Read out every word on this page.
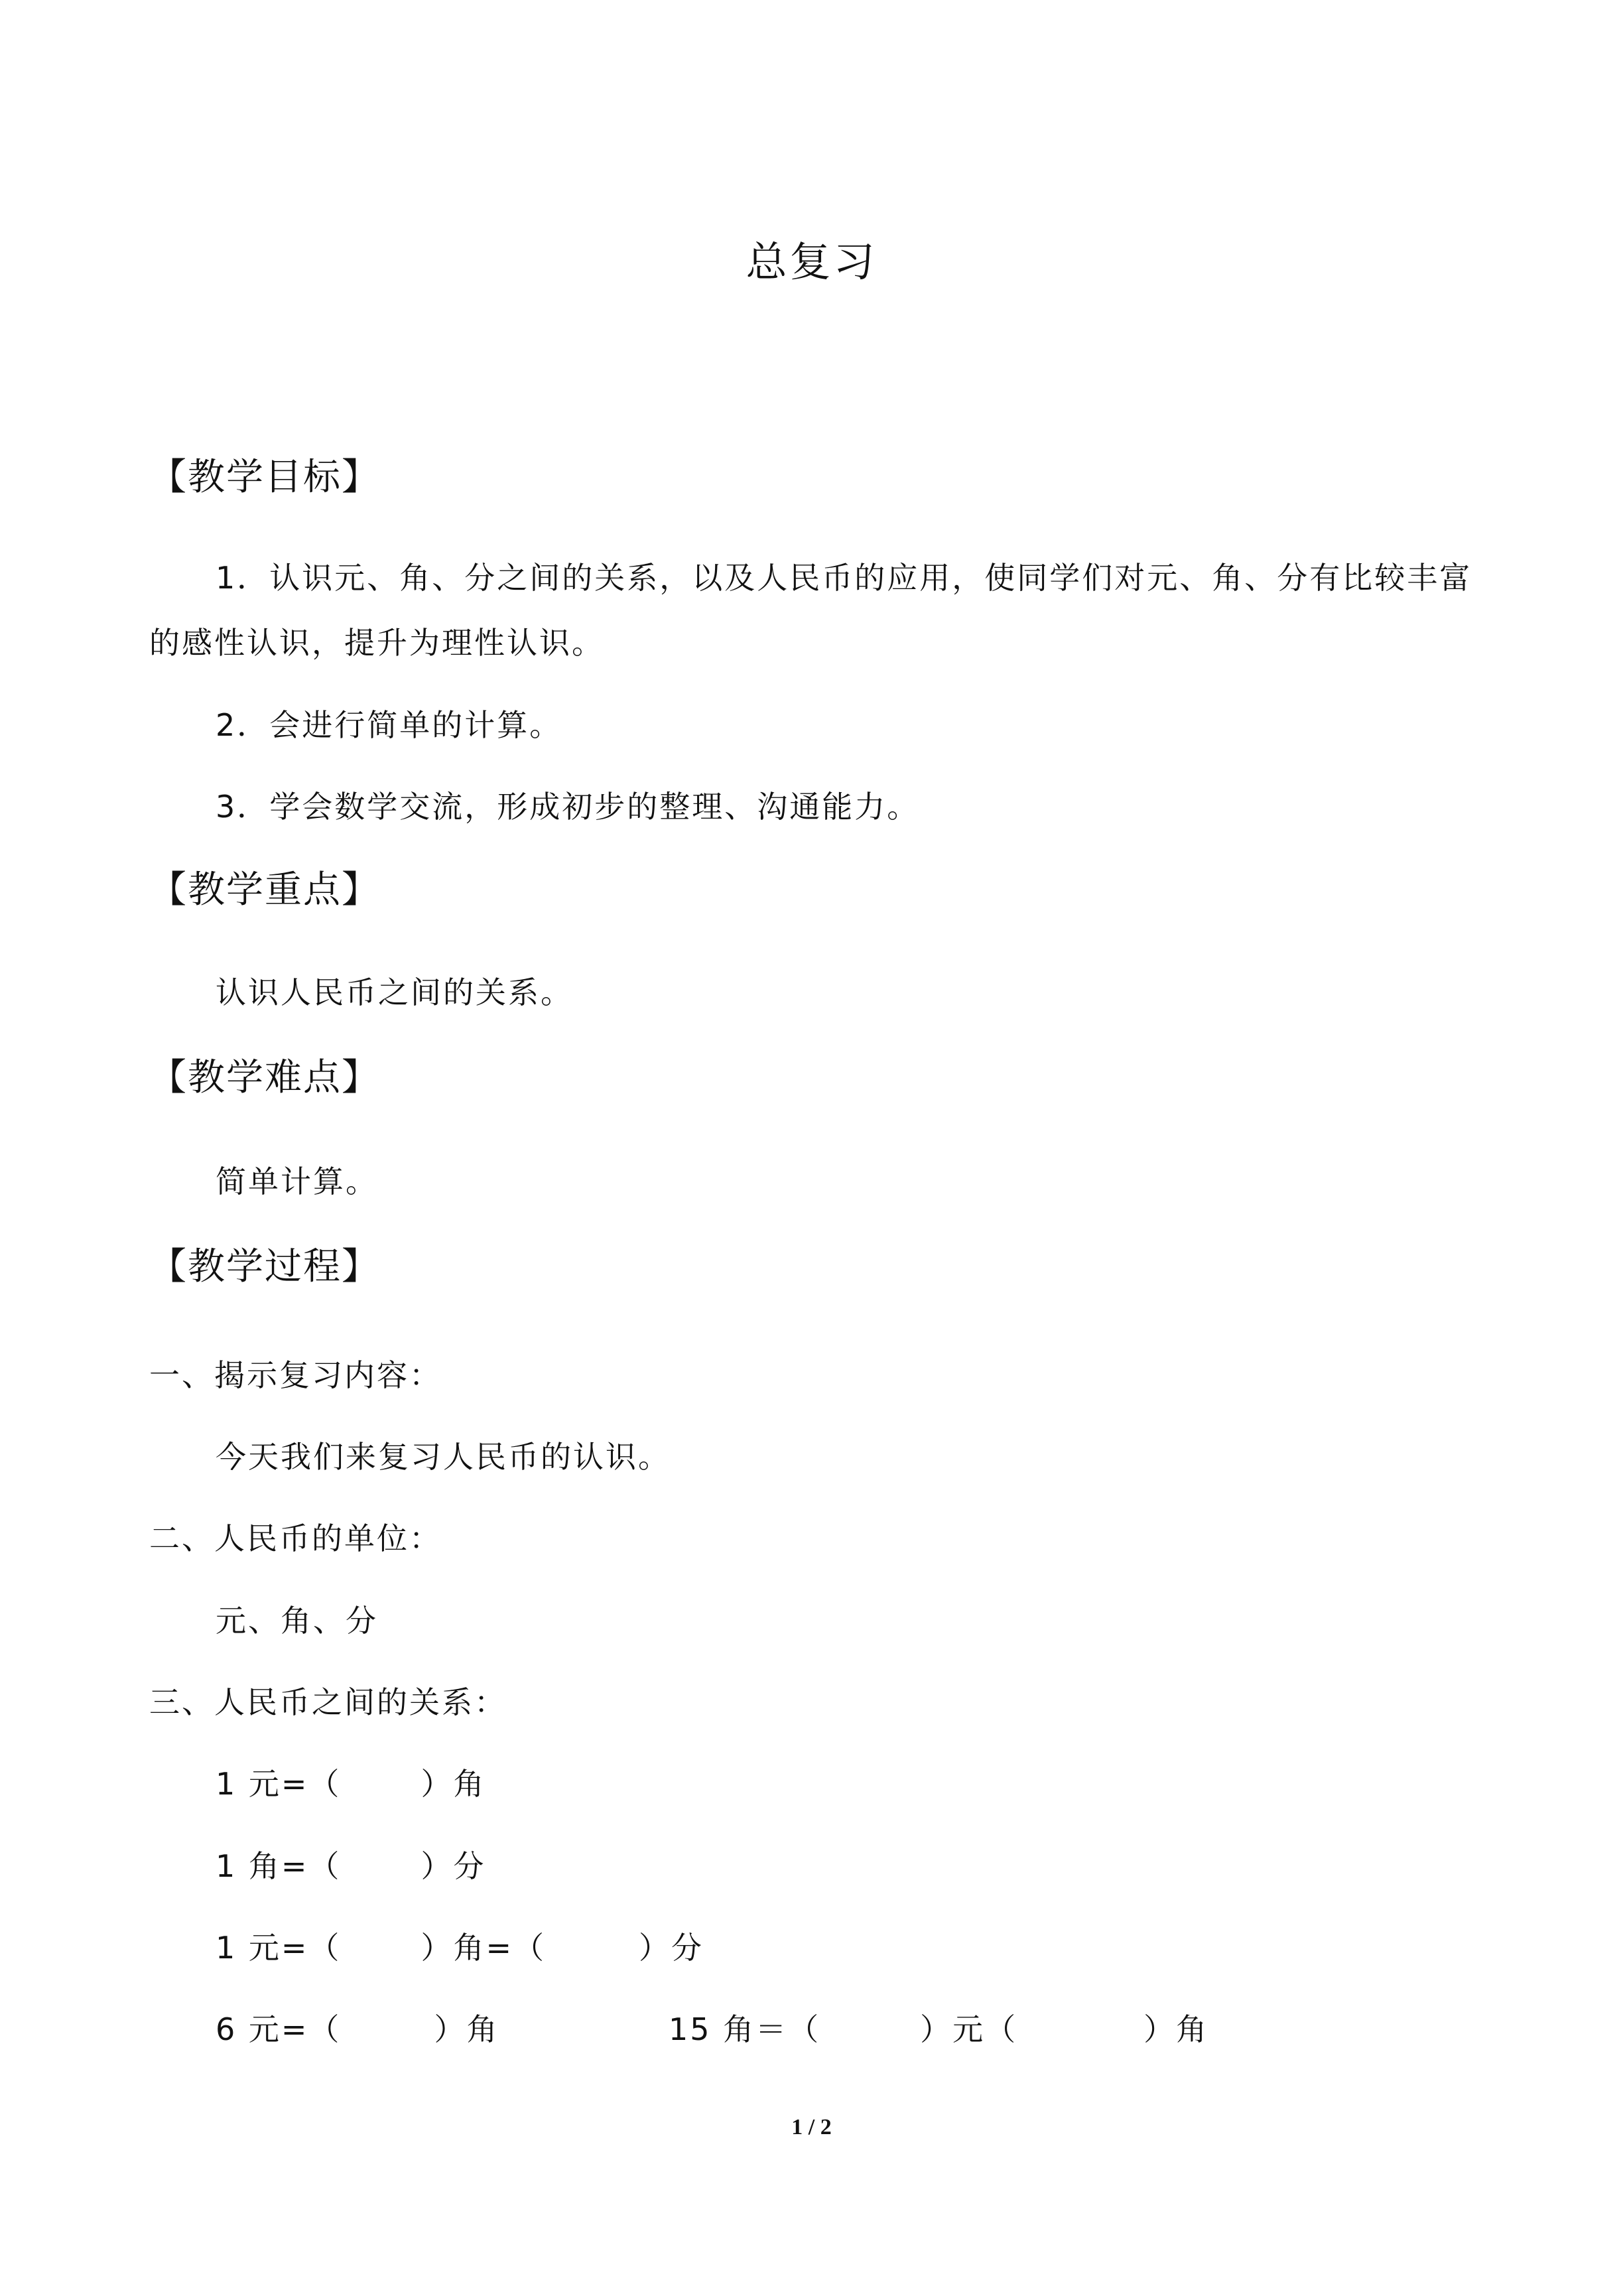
总复习
【教学目标】
1．认识元、角、分之间的关系，以及人民币的应用，使同学们对元、角、分有比较丰富
的感性认识，提升为理性认识。
2．会进行简单的计算。
3．学会数学交流，形成初步的整理、沟通能力。
【教学重点】
认识人民币之间的关系。
【教学难点】
简单计算。
【教学过程】
一、揭示复习内容：
今天我们来复习人民币的认识。
二、人民币的单位：
元、角、分
三、人民币之间的关系：
1 元=（	）角
1 角=（	）分
1 元=（	）角=（	）分
6 元=（	）角	15 角＝（	）元（	）角
1 / 2
